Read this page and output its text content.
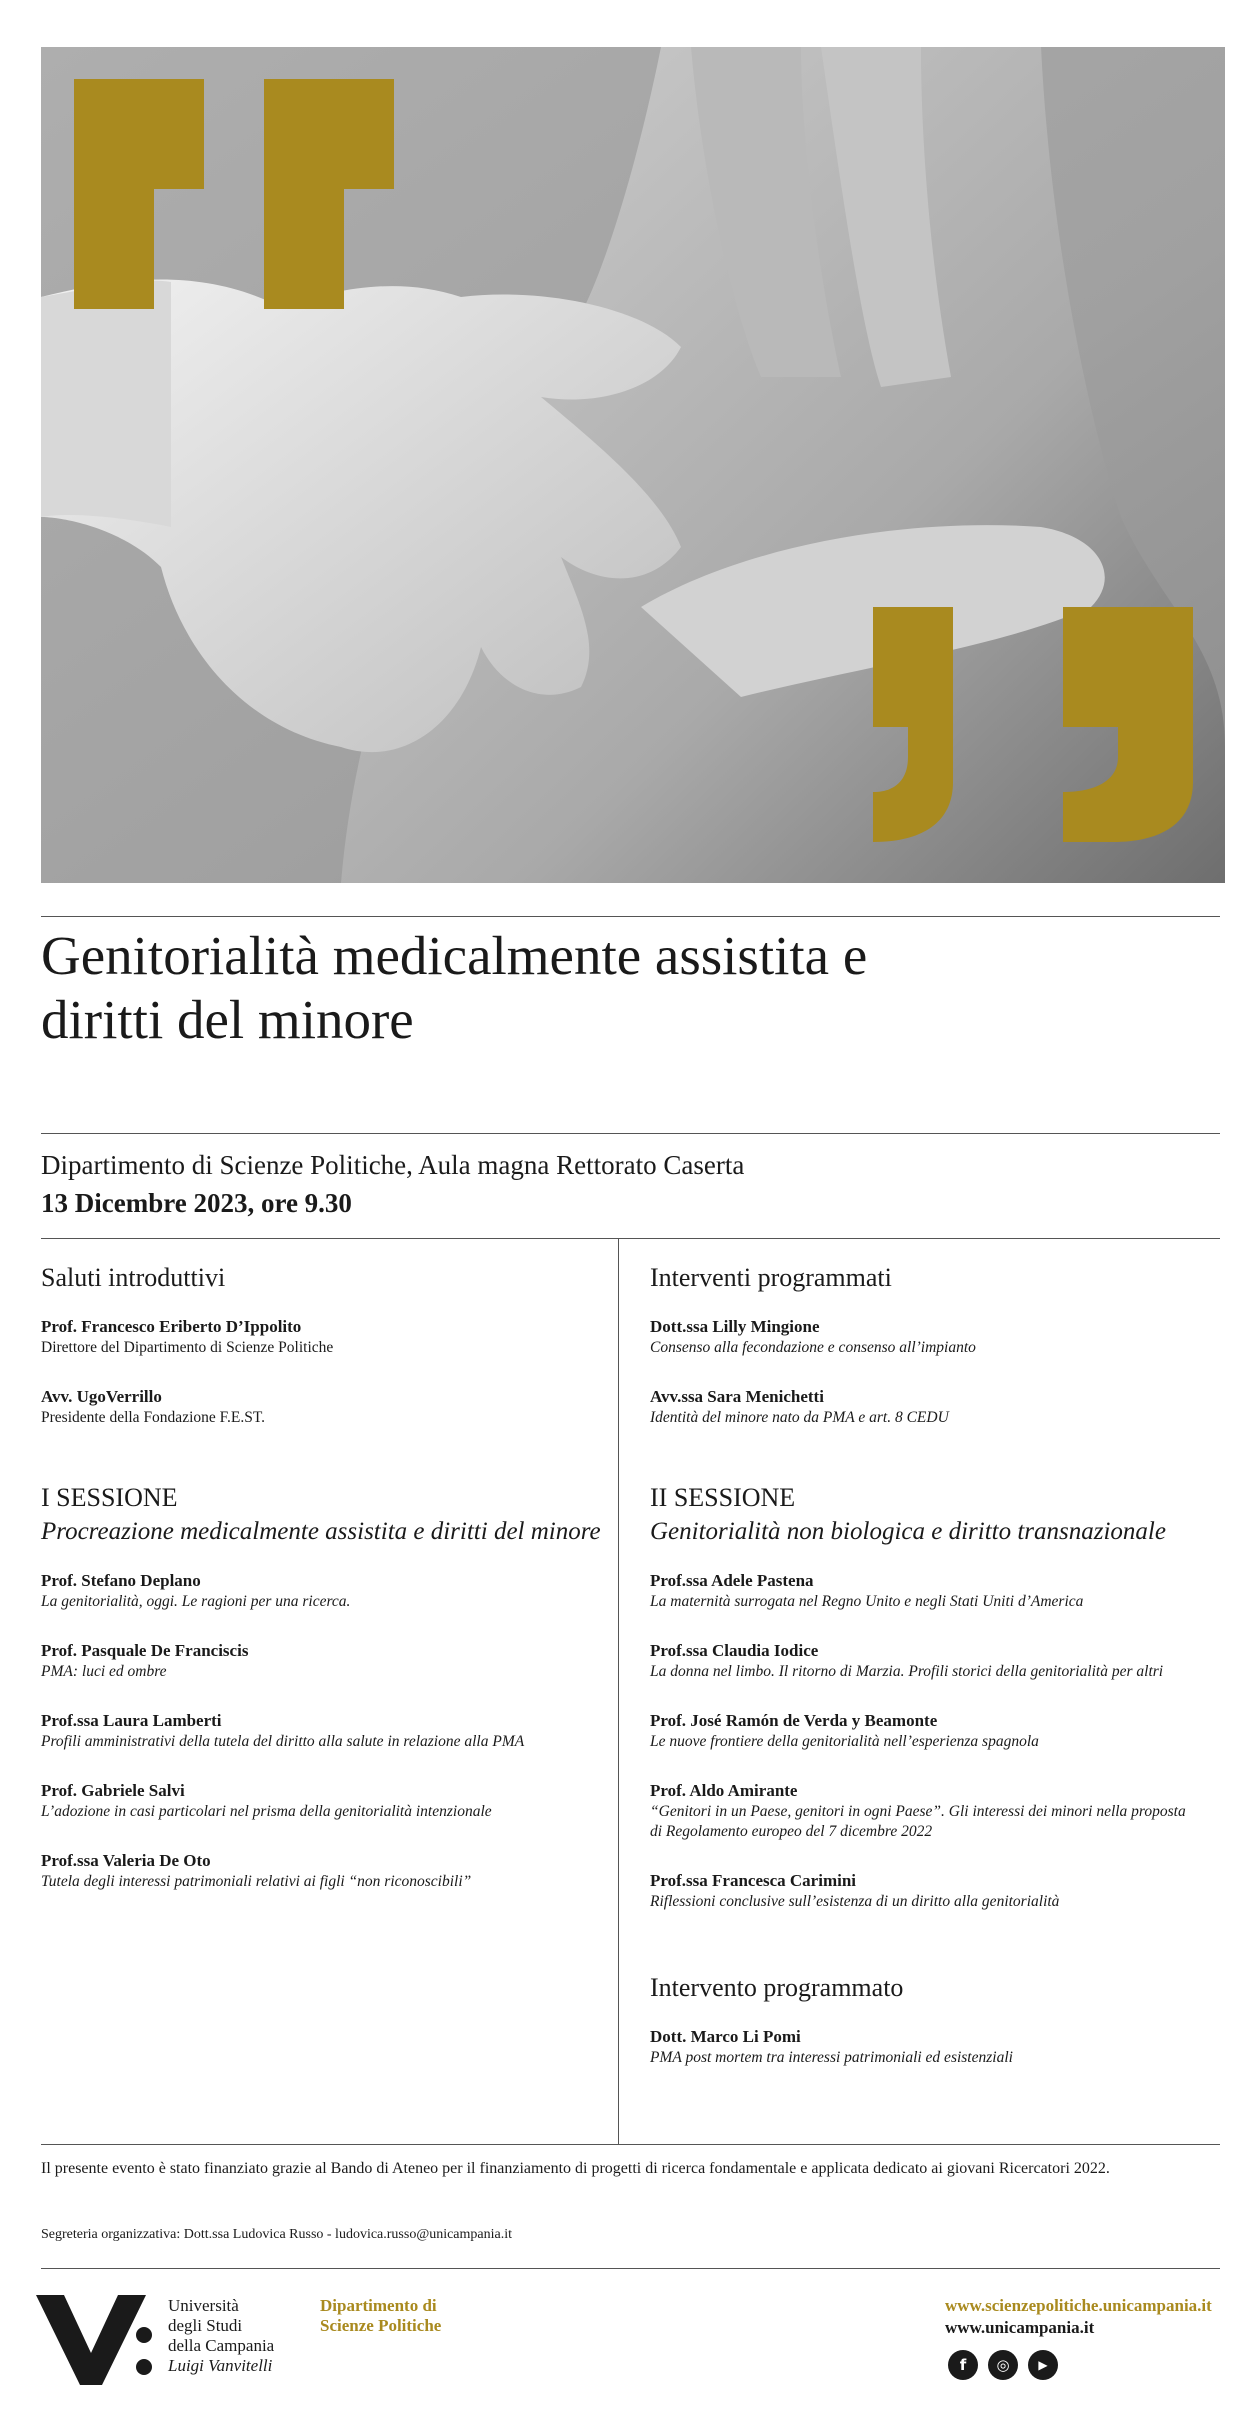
Genitorialità medicalmente assistita e
diritti del minore
Dipartimento di Scienze Politiche, Aula magna Rettorato Caserta
13 Dicembre 2023, ore 9.30
Saluti introduttivi
Prof. Francesco Eriberto D’Ippolito
Direttore del Dipartimento di Scienze Politiche
Avv. UgoVerrillo
Presidente della Fondazione F.E.ST.
I SESSIONE
Procreazione medicalmente assistita e diritti del minore
Prof. Stefano Deplano
La genitorialità, oggi. Le ragioni per una ricerca.
Prof. Pasquale De Franciscis
PMA: luci ed ombre
Prof.ssa Laura Lamberti
Profili amministrativi della tutela del diritto alla salute in relazione alla PMA
Prof. Gabriele Salvi
L’adozione in casi particolari nel prisma della genitorialità intenzionale
Prof.ssa Valeria De Oto
Tutela degli interessi patrimoniali relativi ai figli “non riconoscibili”
Interventi programmati
Dott.ssa Lilly Mingione
Consenso alla fecondazione e consenso all’impianto
Avv.ssa Sara Menichetti
Identità del minore nato da PMA e art. 8 CEDU
II SESSIONE
Genitorialità non biologica e diritto transnazionale
Prof.ssa Adele Pastena
La maternità surrogata nel Regno Unito e negli Stati Uniti d’America
Prof.ssa Claudia Iodice
La donna nel limbo. Il ritorno di Marzia. Profili storici della genitorialità per altri
Prof. José Ramón de Verda y Beamonte
Le nuove frontiere della genitorialità nell’esperienza spagnola
Prof. Aldo Amirante
“Genitori in un Paese, genitori in ogni Paese”. Gli interessi dei minori nella proposta
di Regolamento europeo del 7 dicembre 2022
Prof.ssa Francesca Carimini
Riflessioni conclusive sull’esistenza di un diritto alla genitorialità
Intervento programmato
Dott. Marco Li Pomi
PMA post mortem tra interessi patrimoniali ed esistenziali
Il presente evento è stato finanziato grazie al Bando di Ateneo per il finanziamento di progetti di ricerca fondamentale e applicata dedicato ai giovani Ricercatori 2022.
Segreteria organizzativa: Dott.ssa Ludovica Russo - ludovica.russo@unicampania.it
Università
degli Studi
della Campania
Luigi Vanvitelli
Dipartimento di
Scienze Politiche
www.scienzepolitiche.unicampania.it
www.unicampania.it
f	◎	▶
